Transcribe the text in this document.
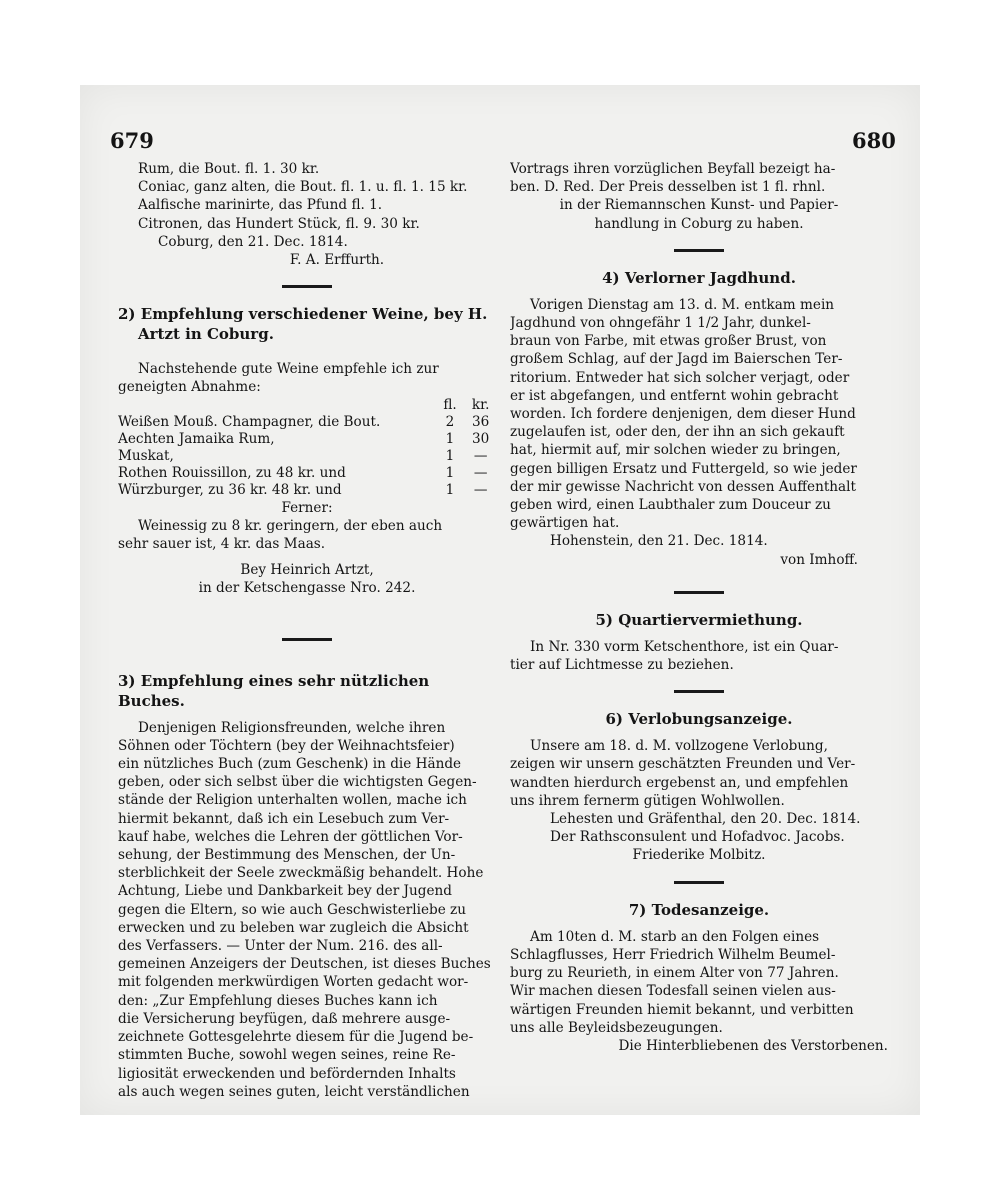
679	680
Rum, die Bout. fl. 1. 30 kr.
Coniac, ganz alten, die Bout. fl. 1. u. fl. 1. 15 kr.
Aalfische marinirte, das Pfund fl. 1.
Citronen, das Hundert Stück, fl. 9. 30 kr.
Coburg, den 21. Dec. 1814.
F. A. Erffurth.
2) Empfehlung verschiedener Weine, bey H.
Artzt in Coburg.
Nachstehende gute Weine empfehle ich zur
geneigten Abnahme:
	fl.	kr.
Weißen Mouß. Champagner, die Bout.	2	36
Aechten Jamaika Rum,	1	30
Muskat,	1	—
Rothen Rouissillon, zu 48 kr. und	1	—
Würzburger, zu 36 kr. 48 kr. und	1	—
Ferner:
Weinessig zu 8 kr. geringern, der eben auch
sehr sauer ist, 4 kr. das Maas.
Bey Heinrich Artzt,
in der Ketschengasse Nro. 242.
3) Empfehlung eines sehr nützlichen Buches.
Denjenigen Religionsfreunden, welche ihren
Söhnen oder Töchtern (bey der Weihnachtsfeier)
ein nützliches Buch (zum Geschenk) in die Hände
geben, oder sich selbst über die wichtigsten Gegen-
stände der Religion unterhalten wollen, mache ich
hiermit bekannt, daß ich ein Lesebuch zum Ver-
kauf habe, welches die Lehren der göttlichen Vor-
sehung, der Bestimmung des Menschen, der Un-
sterblichkeit der Seele zweckmäßig behandelt. Hohe
Achtung, Liebe und Dankbarkeit bey der Jugend
gegen die Eltern, so wie auch Geschwisterliebe zu
erwecken und zu beleben war zugleich die Absicht
des Verfassers. — Unter der Num. 216. des all-
gemeinen Anzeigers der Deutschen, ist dieses Buches
mit folgenden merkwürdigen Worten gedacht wor-
den: „Zur Empfehlung dieses Buches kann ich
die Versicherung beyfügen, daß mehrere ausge-
zeichnete Gottesgelehrte diesem für die Jugend be-
stimmten Buche, sowohl wegen seines, reine Re-
ligiosität erweckenden und befördernden Inhalts
als auch wegen seines guten, leicht verständlichen
Vortrags ihren vorzüglichen Beyfall bezeigt ha-
ben. D. Red. Der Preis desselben ist 1 fl. rhnl.
in der Riemannschen Kunst- und Papier-
handlung in Coburg zu haben.
4) Verlorner Jagdhund.
Vorigen Dienstag am 13. d. M. entkam mein
Jagdhund von ohngefähr 1 1/2 Jahr, dunkel-
braun von Farbe, mit etwas großer Brust, von
großem Schlag, auf der Jagd im Baierschen Ter-
ritorium. Entweder hat sich solcher verjagt, oder
er ist abgefangen, und entfernt wohin gebracht
worden. Ich fordere denjenigen, dem dieser Hund
zugelaufen ist, oder den, der ihn an sich gekauft
hat, hiermit auf, mir solchen wieder zu bringen,
gegen billigen Ersatz und Futtergeld, so wie jeder
der mir gewisse Nachricht von dessen Auffenthalt
geben wird, einen Laubthaler zum Douceur zu
gewärtigen hat.
Hohenstein, den 21. Dec. 1814.
von Imhoff.
5) Quartiervermiethung.
In Nr. 330 vorm Ketschenthore, ist ein Quar-
tier auf Lichtmesse zu beziehen.
6) Verlobungsanzeige.
Unsere am 18. d. M. vollzogene Verlobung,
zeigen wir unsern geschätzten Freunden und Ver-
wandten hierdurch ergebenst an, und empfehlen
uns ihrem fernerm gütigen Wohlwollen.
Lehesten und Gräfenthal, den 20. Dec. 1814.
Der Rathsconsulent und Hofadvoc. Jacobs.
Friederike Molbitz.
7) Todesanzeige.
Am 10ten d. M. starb an den Folgen eines
Schlagflusses, Herr Friedrich Wilhelm Beumel-
burg zu Reurieth, in einem Alter von 77 Jahren.
Wir machen diesen Todesfall seinen vielen aus-
wärtigen Freunden hiemit bekannt, und verbitten
uns alle Beyleidsbezeugungen.
Die Hinterbliebenen des Verstorbenen.
